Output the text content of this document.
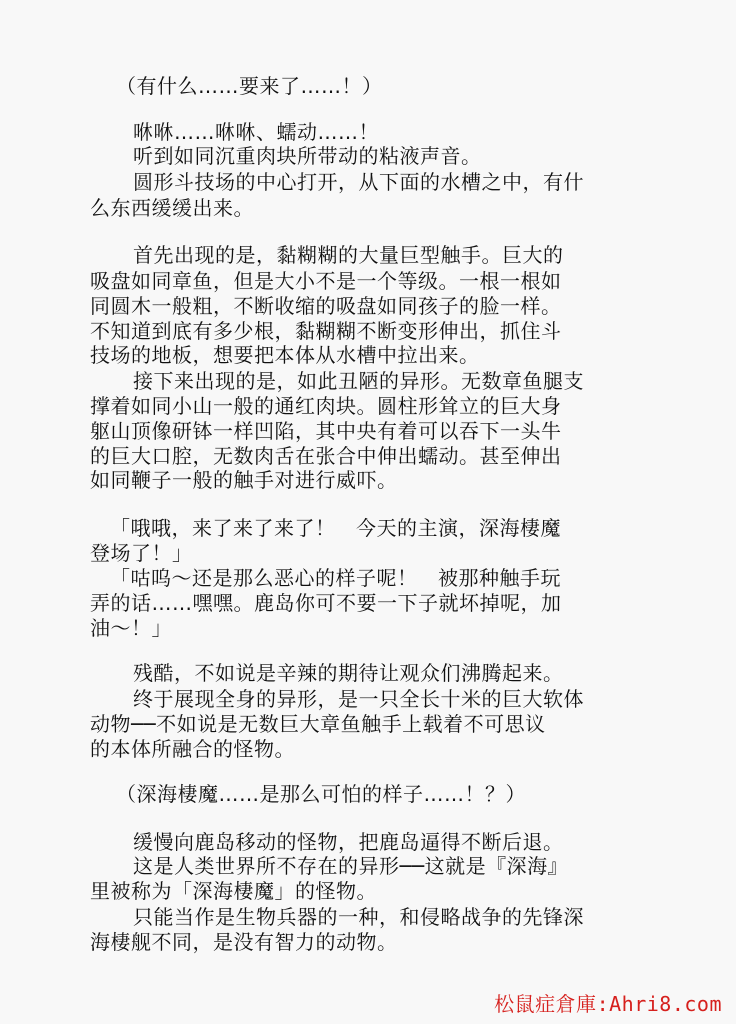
（有什么……要来了……！）
咻咻……咻咻、蠕动……！
听到如同沉重肉块所带动的粘液声音。
圆形斗技场的中心打开，从下面的水槽之中，有什
么东西缓缓出来。
首先出现的是，黏糊糊的大量巨型触手。巨大的
吸盘如同章鱼，但是大小不是一个等级。一根一根如
同圆木一般粗，不断收缩的吸盘如同孩子的脸一样。
不知道到底有多少根，黏糊糊不断变形伸出，抓住斗
技场的地板，想要把本体从水槽中拉出来。
接下来出现的是，如此丑陋的异形。无数章鱼腿支
撑着如同小山一般的通红肉块。圆柱形耸立的巨大身
躯山顶像研钵一样凹陷，其中央有着可以吞下一头牛
的巨大口腔，无数肉舌在张合中伸出蠕动。甚至伸出
如同鞭子一般的触手对进行威吓。
「哦哦，来了来了来了！　今天的主演，深海棲魔
登场了！」
「咕呜～还是那么恶心的样子呢！　被那种触手玩
弄的话……嘿嘿。鹿岛你可不要一下子就坏掉呢，加
油～！」
残酷，不如说是辛辣的期待让观众们沸腾起来。
终于展现全身的异形，是一只全长十米的巨大软体
动物──不如说是无数巨大章鱼触手上载着不可思议
的本体所融合的怪物。
（深海棲魔……是那么可怕的样子……！？）
缓慢向鹿岛移动的怪物，把鹿岛逼得不断后退。
这是人类世界所不存在的异形──这就是『深海』
里被称为「深海棲魔」的怪物。
只能当作是生物兵器的一种，和侵略战争的先锋深
海棲舰不同，是没有智力的动物。
松鼠症倉庫:Ahri8.com
